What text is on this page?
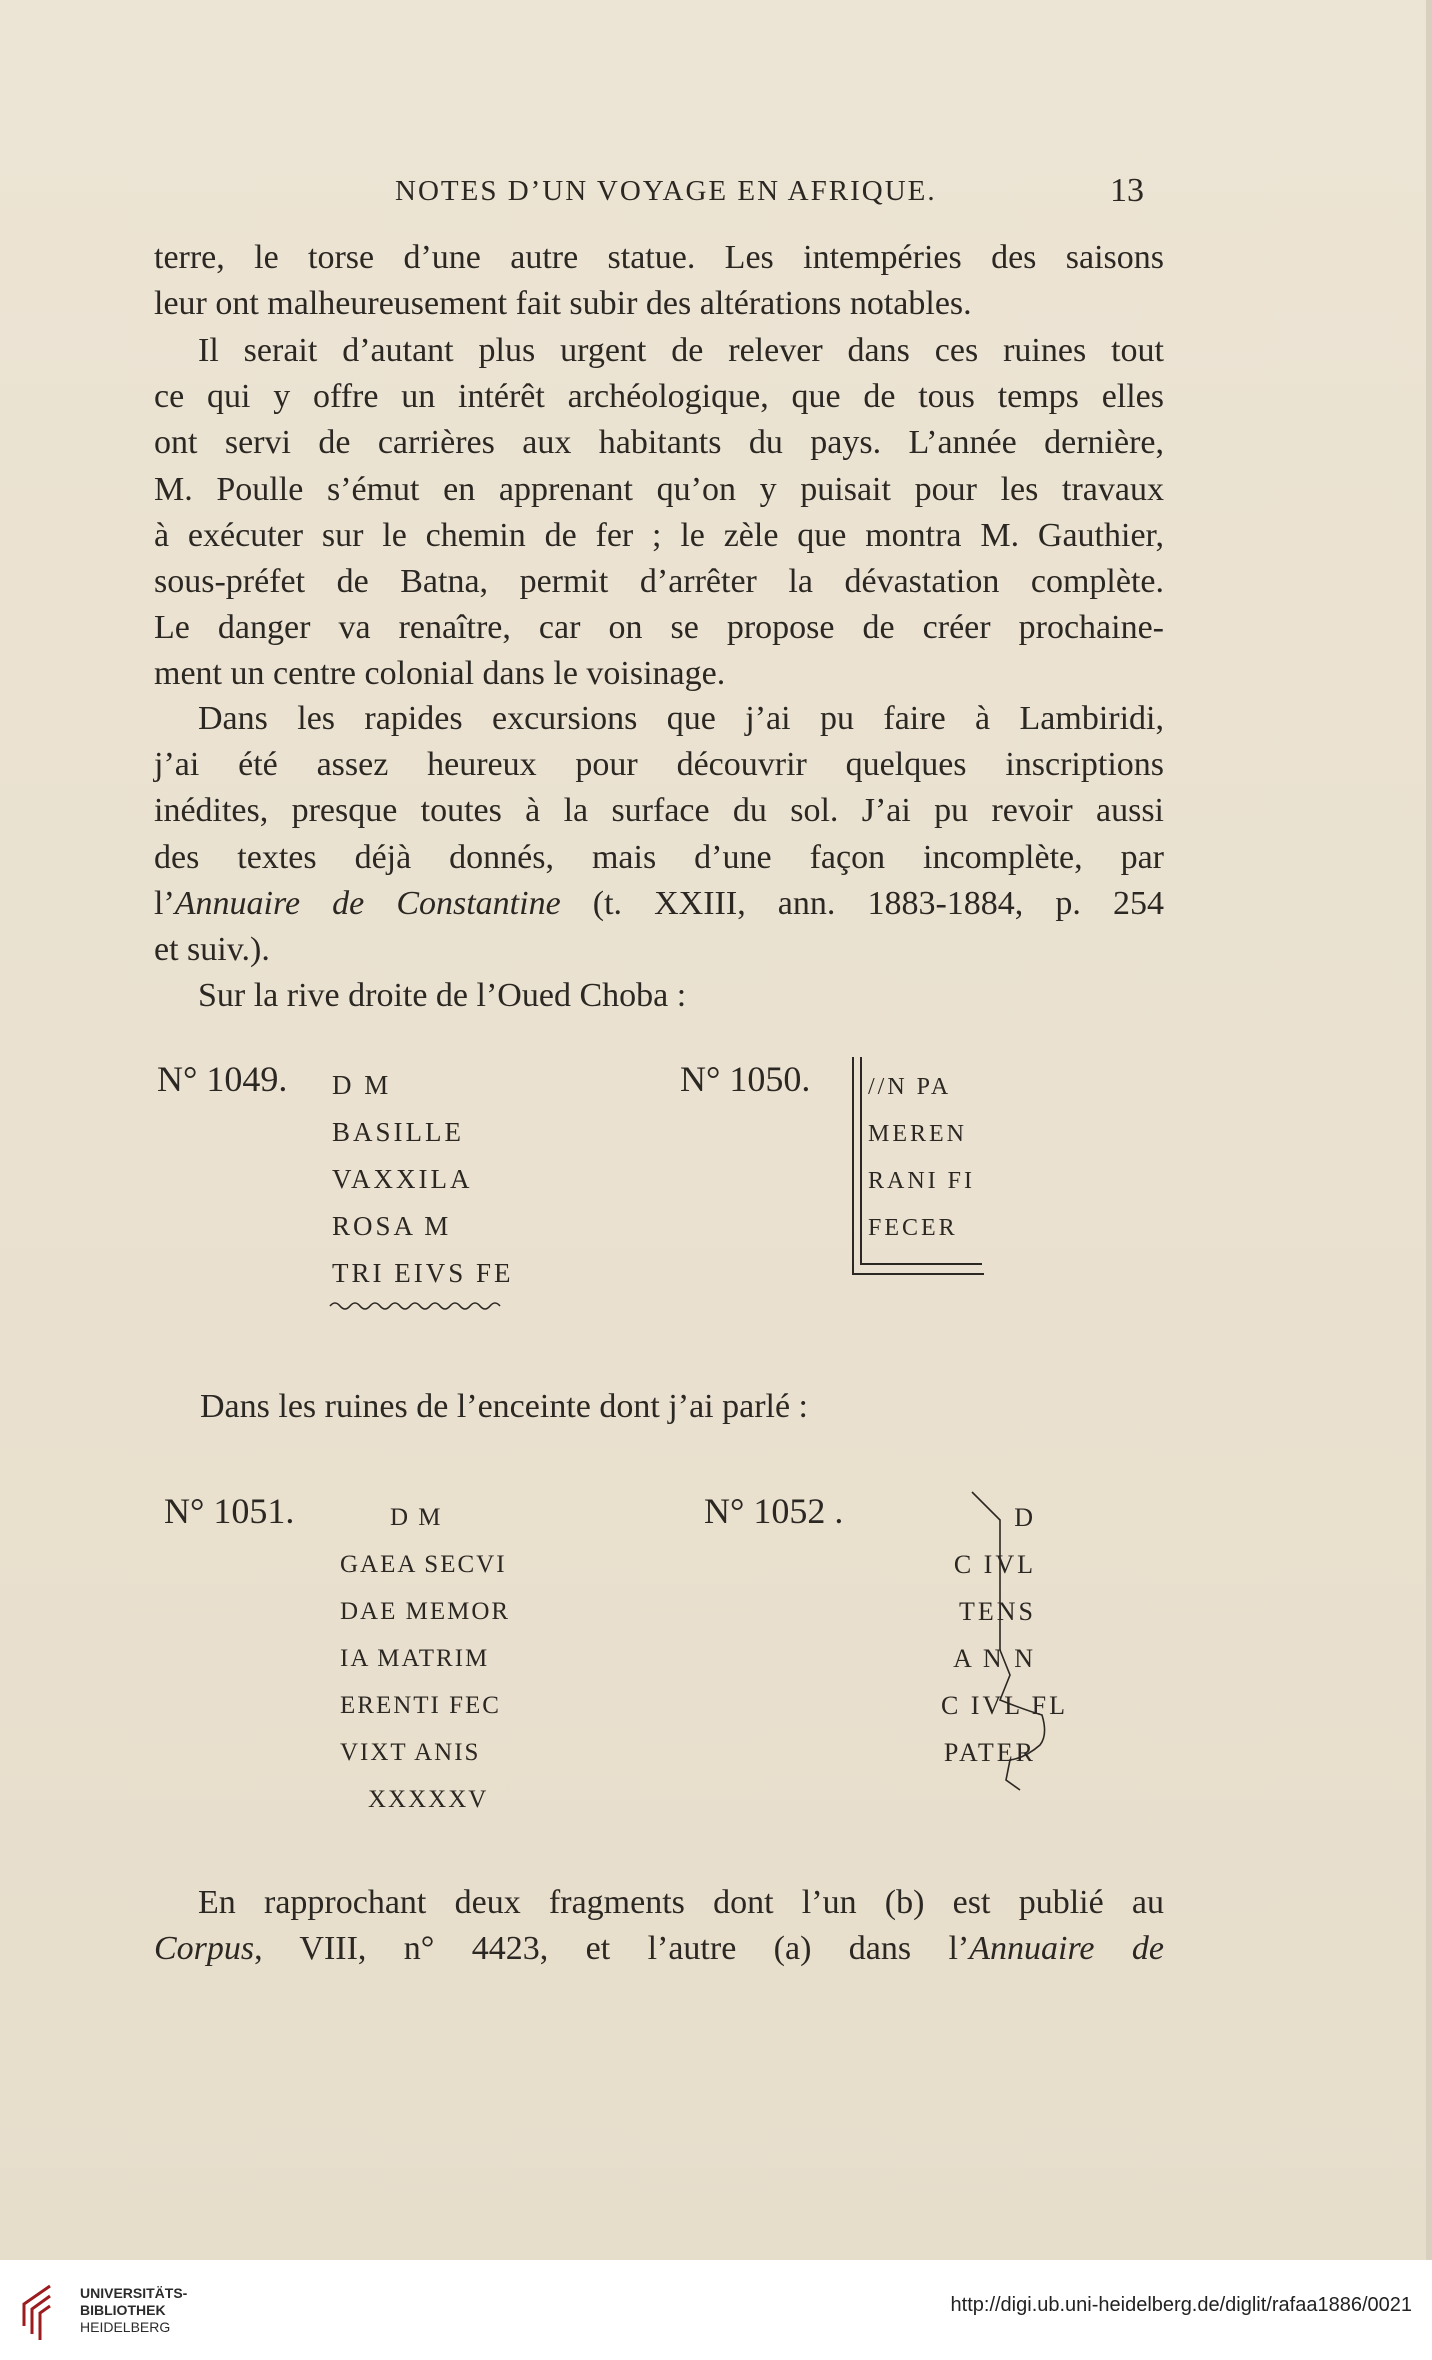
NOTES D’UN VOYAGE EN AFRIQUE.	13

terre, le torse d’une autre statue. Les intempéries des saisons

leur ont malheureusement fait subir des altérations notables.

Il serait d’autant plus urgent de relever dans ces ruines tout

ce qui y offre un intérêt archéologique, que de tous temps elles

ont servi de carrières aux habitants du pays. L’année dernière,

M. Poulle s’émut en apprenant qu’on y puisait pour les travaux

à exécuter sur le chemin de fer ; le zèle que montra M. Gauthier,

sous-préfet de Batna, permit d’arrêter la dévastation complète.

Le danger va renaître, car on se propose de créer prochaine-

ment un centre colonial dans le voisinage.

Dans les rapides excursions que j’ai pu faire à Lambiridi,

j’ai été assez heureux pour découvrir quelques inscriptions

inédites, presque toutes à la surface du sol. J’ai pu revoir aussi

des textes déjà donnés, mais d’une façon incomplète, par

l’Annuaire de Constantine (t. XXIII, ann. 1883-1884, p. 254

et suiv.).

Sur la rive droite de l’Oued Choba :

N° 1049. D M
BASILLE
VAXXILA
ROSA M
TRI EIVS FE
N° 1050. //N PA
MEREN
RANI FI
FECER
Dans les ruines de l’enceinte dont j’ai parlé :
N° 1051.	D M
GAEA SECVI
DAE MEMOR
IA MATRIM
ERENTI FEC
VIXT ANIS
XXXXXV
N° 1052 .	D
C IVL
TENS
A N N
C IVL FL
PATER

En rapprochant deux fragments dont l’un (b) est publié au

Corpus, VIII, n° 4423, et l’autre (a) dans l’Annuaire de

UNIVERSITÄTS-
BIBLIOTHEK
HEIDELBERG
http://digi.ub.uni-heidelberg.de/diglit/rafaa1886/0021
